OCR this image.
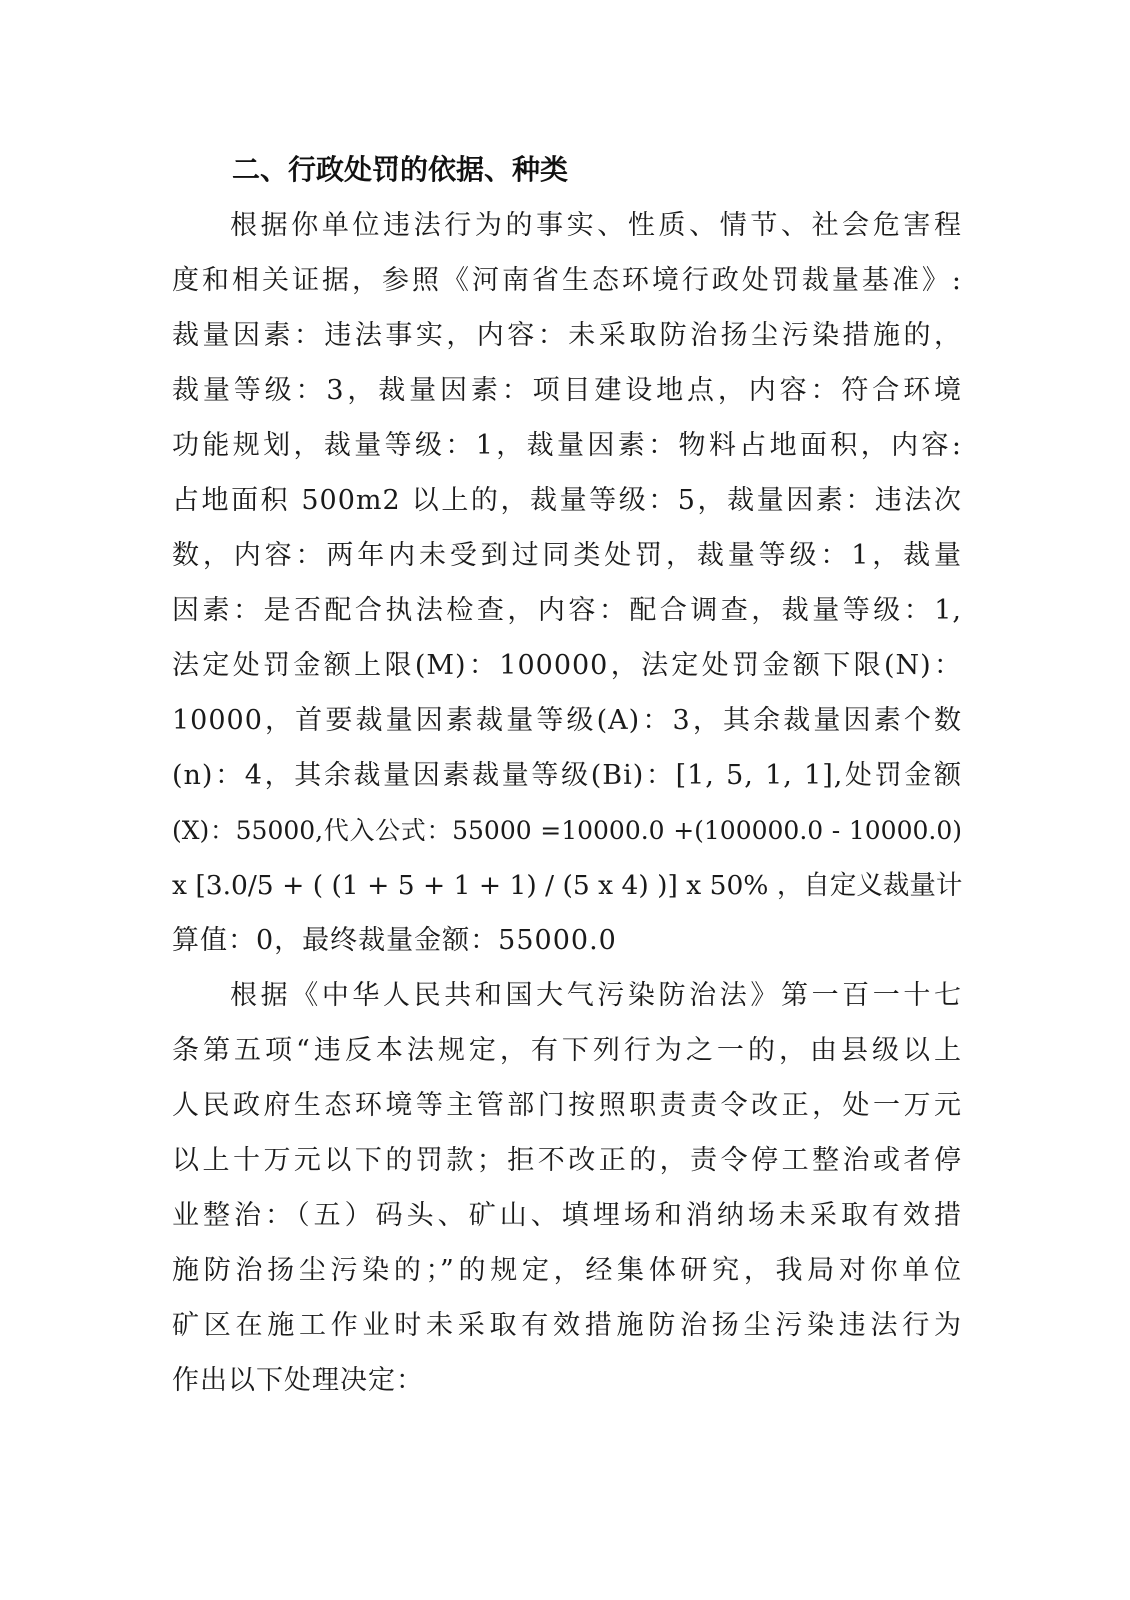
二、行政处罚的依据、种类
根据你单位违法行为的事实、性质、情节、社会危害程
度和相关证据，参照《河南省生态环境行政处罚裁量基准》:
裁量因素：违法事实，内容：未采取防治扬尘污染措施的，
裁量等级：3，裁量因素：项目建设地点，内容：符合环境
功能规划，裁量等级：1，裁量因素：物料占地面积，内容:
占地面积 500m2 以上的，裁量等级：5，裁量因素：违法次
数，内容：两年内未受到过同类处罚，裁量等级：1，裁量
因素：是否配合执法检查，内容：配合调查，裁量等级：1,
法定处罚金额上限(M)：100000，法定处罚金额下限(N)：
10000，首要裁量因素裁量等级(A)：3，其余裁量因素个数
(n)：4，其余裁量因素裁量等级(Bi)：[1, 5, 1, 1],处罚金额
(X)：55000,代入公式：55000 =10000.0 +(100000.0 - 10000.0)
x [3.0/5 + ( (1 + 5 + 1 + 1) / (5 x 4) )] x 50% ，自定义裁量计
算值：0，最终裁量金额：55000.0
根据《中华人民共和国大气污染防治法》第一百一十七
条第五项“违反本法规定，有下列行为之一的，由县级以上
人民政府生态环境等主管部门按照职责责令改正，处一万元
以上十万元以下的罚款；拒不改正的，责令停工整治或者停
业整治：（五）码头、矿山、填埋场和消纳场未采取有效措
施防治扬尘污染的；”的规定，经集体研究，我局对你单位
矿区在施工作业时未采取有效措施防治扬尘污染违法行为
作出以下处理决定：
